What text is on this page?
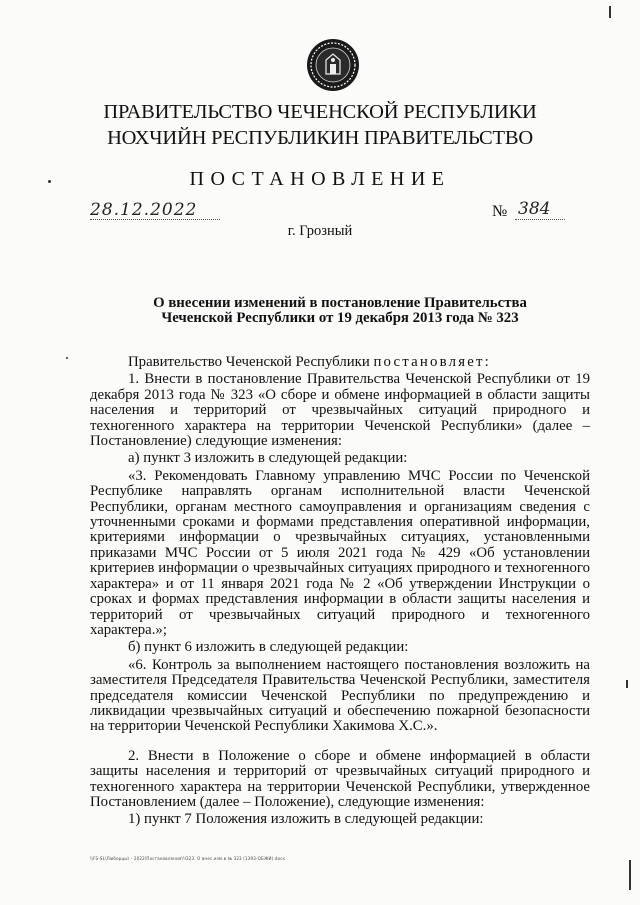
ПРАВИТЕЛЬСТВО ЧЕЧЕНСКОЙ РЕСПУБЛИКИ
НОХЧИЙН РЕСПУБЛИКИН ПРАВИТЕЛЬСТВО
ПОСТАНОВЛЕНИЕ
28.12.2022	№ 384
г. Грозный
О внесении изменений в постановление Правительства
Чеченской Республики от 19 декабря 2013 года № 323

Правительство Чеченской Республики постановляет:

1. Внести в постановление Правительства Чеченской Республики от 19 декабря 2013 года № 323 «О сборе и обмене информацией в области защиты населения и территорий от чрезвычайных ситуаций природного и техногенного характера на территории Чеченской Республики» (далее – Постановление) следующие изменения:

а) пункт 3 изложить в следующей редакции:

«3. Рекомендовать Главному управлению МЧС России по Чеченской Республике направлять органам исполнительной власти Чеченской Республики, органам местного самоуправления и организациям сведения с уточненными сроками и формами представления оперативной информации, критериями информации о чрезвычайных ситуациях, установленными приказами МЧС России от 5 июля 2021 года № 429 «Об установлении критериев информации о чрезвычайных ситуациях природного и техногенного характера» и от 11 января 2021 года № 2 «Об утверждении Инструкции о сроках и формах представления информации в области защиты населения и территорий от чрезвычайных ситуаций природного и техногенного характера.»;

б) пункт 6 изложить в следующей редакции:

«6. Контроль за выполнением настоящего постановления возложить на заместителя Председателя Правительства Чеченской Республики, заместителя председателя комиссии Чеченской Республики по предупреждению и ликвидации чрезвычайных ситуаций и обеспечению пожарной безопасности на территории Чеченской Республики Хакимова Х.С.».

2. Внести в Положение о сборе и обмене информацией в области защиты населения и территорий от чрезвычайных ситуаций природного и техногенного характера на территории Чеченской Республики, утвержденное Постановлением (далее – Положение), следующие изменения:

1) пункт 7 Положения изложить в следующей редакции:

\\FS-SL\Люберцы\ - 2022\Постановления\Ч323. О внес.изм.в № 323 (1393-ОБЖИ).docx
